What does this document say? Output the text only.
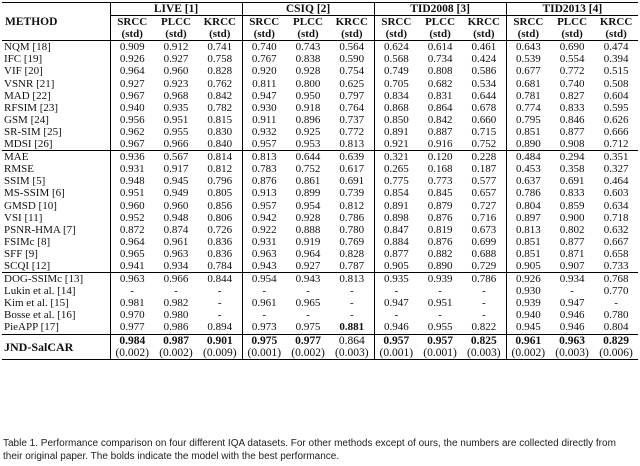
METHOD	LIVE [1]			CSIQ [2]			TID2008 [3]			TID2013 [4]		
	SRCC	PLCC	KRCC	SRCC	PLCC	KRCC	SRCC	PLCC	KRCC	SRCC	PLCC	KRCC
	(std)	(std)	(std)	(std)	(std)	(std)	(std)	(std)	(std)	(std)	(std)	(std)
NQM [18]	0.909	0.912	0.741	0.740	0.743	0.564	0.624	0.614	0.461	0.643	0.690	0.474
IFC [19]	0.926	0.927	0.758	0.767	0.838	0.590	0.568	0.734	0.424	0.539	0.554	0.394
VIF [20]	0.964	0.960	0.828	0.920	0.928	0.754	0.749	0.808	0.586	0.677	0.772	0.515
VSNR [21]	0.927	0.923	0.762	0.811	0.800	0.625	0.705	0.682	0.534	0.681	0.740	0.508
MAD [22]	0.967	0.968	0.842	0.947	0.950	0.797	0.834	0.831	0.644	0.781	0.827	0.604
RFSIM [23]	0.940	0.935	0.782	0.930	0.918	0.764	0.868	0.864	0.678	0.774	0.833	0.595
GSM [24]	0.956	0.951	0.815	0.911	0.896	0.737	0.850	0.842	0.660	0.795	0.846	0.626
SR-SIM [25]	0.962	0.955	0.830	0.932	0.925	0.772	0.891	0.887	0.715	0.851	0.877	0.666
MDSI [26]	0.967	0.966	0.840	0.957	0.953	0.813	0.921	0.916	0.752	0.890	0.908	0.712
MAE	0.936	0.567	0.814	0.813	0.644	0.639	0.321	0.120	0.228	0.484	0.294	0.351
RMSE	0.931	0.917	0.812	0.783	0.752	0.617	0.265	0.168	0.187	0.453	0.358	0.327
SSIM [5]	0.948	0.945	0.796	0.876	0.861	0.691	0.775	0.773	0.577	0.637	0.691	0.464
MS-SSIM [6]	0.951	0.949	0.805	0.913	0.899	0.739	0.854	0.845	0.657	0.786	0.833	0.603
GMSD [10]	0.960	0.960	0.856	0.957	0.954	0.812	0.891	0.879	0.727	0.804	0.859	0.634
VSI [11]	0.952	0.948	0.806	0.942	0.928	0.786	0.898	0.876	0.716	0.897	0.900	0.718
PSNR-HMA [7]	0.872	0.874	0.726	0.922	0.888	0.780	0.847	0.819	0.673	0.813	0.802	0.632
FSIMc [8]	0.964	0.961	0.836	0.931	0.919	0.769	0.884	0.876	0.699	0.851	0.877	0.667
SFF [9]	0.965	0.963	0.836	0.963	0.964	0.828	0.877	0.882	0.688	0.851	0.871	0.658
SCQI [12]	0.941	0.934	0.784	0.943	0.927	0.787	0.905	0.890	0.729	0.905	0.907	0.733
DOG-SSIMc [13]	0.963	0.966	0.844	0.954	0.943	0.813	0.935	0.939	0.786	0.926	0.934	0.768
Lukin et al. [14]	-	-	-	-	-	-	-	-	-	0.930	-	0.770
Kim et al. [15]	0.981	0.982	-	0.961	0.965	-	0.947	0.951	-	0.939	0.947	-
Bosse et al. [16]	0.970	0.980	-	-	-	-	-	-	-	0.940	0.946	0.780
PieAPP [17]	0.977	0.986	0.894	0.973	0.975	0.881	0.946	0.955	0.822	0.945	0.946	0.804
JND-SalCAR	0.984	0.987	0.901	0.975	0.977	0.864	0.957	0.957	0.825	0.961	0.963	0.829
	(0.002)	(0.002)	(0.009)	(0.001)	(0.002)	(0.003)	(0.001)	(0.001)	(0.003)	(0.002)	(0.003)	(0.006)
Table 1. Performance comparison on four different IQA datasets. For other methods except of ours, the numbers are collected directly from their original paper. The bolds indicate the model with the best performance.
